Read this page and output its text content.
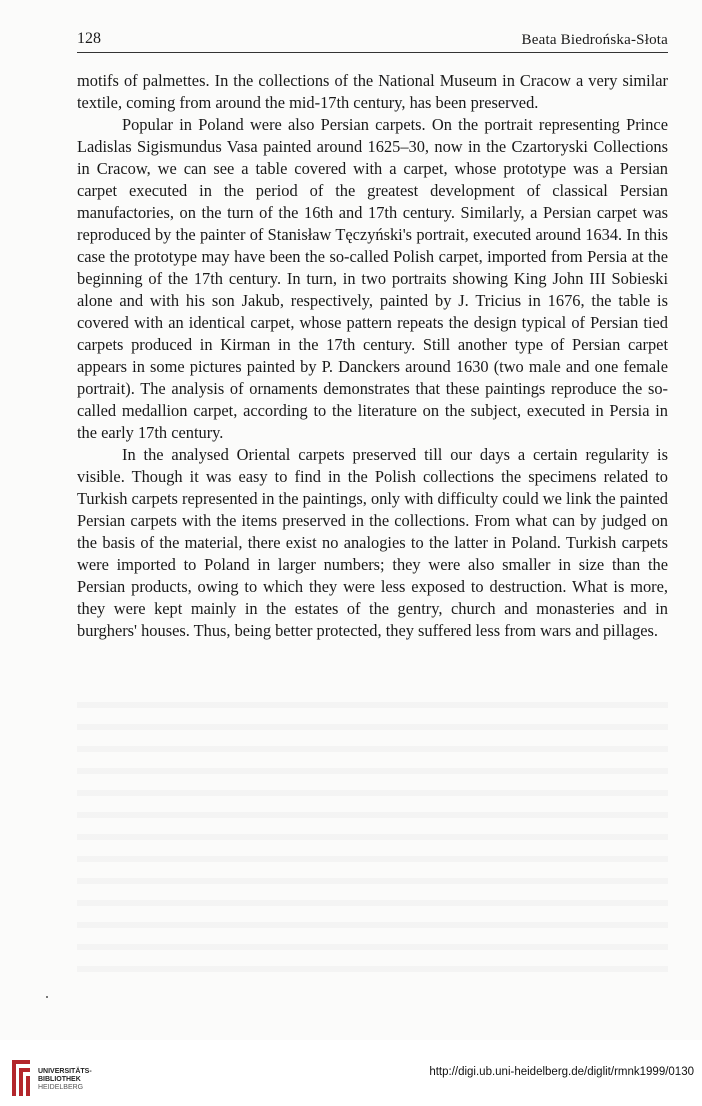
128	Beata Biedrońska-Słota

motifs of palmettes. In the collections of the National Museum in Cracow a very similar textile, coming from around the mid-17th century, has been preserved.

Popular in Poland were also Persian carpets. On the portrait representing Prince Ladislas Sigismundus Vasa painted around 1625–30, now in the Czartoryski Collections in Cracow, we can see a table covered with a carpet, whose prototype was a Persian carpet executed in the period of the greatest development of classical Persian manufactories, on the turn of the 16th and 17th century. Similarly, a Persian carpet was reproduced by the painter of Stanisław Tęczyński's portrait, executed around 1634. In this case the prototype may have been the so-called Polish carpet, imported from Persia at the beginning of the 17th century. In turn, in two portraits showing King John III Sobieski alone and with his son Jakub, respectively, painted by J. Tricius in 1676, the table is covered with an identical carpet, whose pattern repeats the design typical of Persian tied carpets produced in Kirman in the 17th century. Still another type of Persian carpet appears in some pictures painted by P. Danckers around 1630 (two male and one female portrait). The analysis of ornaments demonstrates that these paintings reproduce the so-called medallion carpet, according to the literature on the subject, executed in Persia in the early 17th century.

In the analysed Oriental carpets preserved till our days a certain regularity is visible. Though it was easy to find in the Polish collections the specimens related to Turkish carpets represented in the paintings, only with difficulty could we link the painted Persian carpets with the items preserved in the collections. From what can by judged on the basis of the material, there exist no analogies to the latter in Poland. Turkish carpets were imported to Poland in larger numbers; they were also smaller in size than the Persian products, owing to which they were less exposed to destruction. What is more, they were kept mainly in the estates of the gentry, church and monasteries and in burghers' houses. Thus, being better protected, they suffered less from wars and pillages.

UNIVERSITÄTS-
BIBLIOTHEK
HEIDELBERG
http://digi.ub.uni-heidelberg.de/diglit/rmnk1999/0130
